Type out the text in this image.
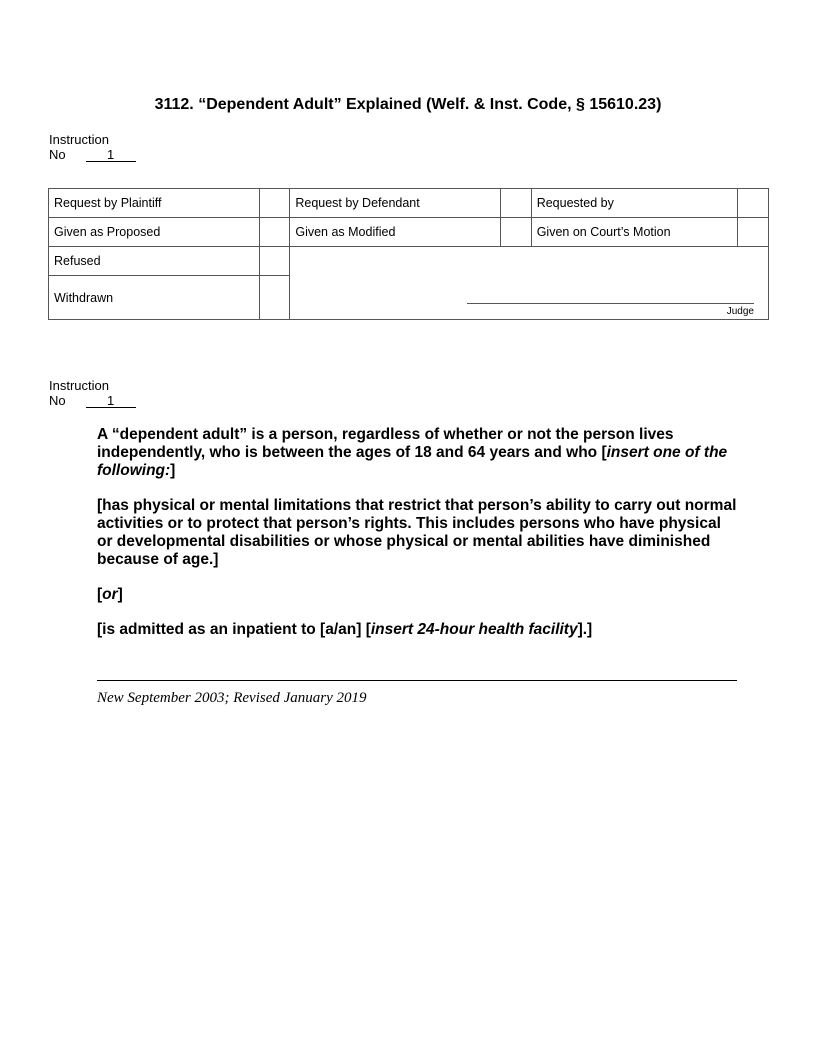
3112. “Dependent Adult” Explained (Welf. & Inst. Code, § 15610.23)
Instruction
No	1
Request by Plaintiff		Request by Defendant		Requested by	
Given as Proposed		Given as Modified		Given on Court’s Motion	
Refused		Judge			

Withdrawn					
Instruction
No	1

A “dependent adult” is a person, regardless of whether or not the person lives independently, who is between the ages of 18 and 64 years and who [insert one of the following:]

[has physical or mental limitations that restrict that person’s ability to carry out normal activities or to protect that person’s rights. This includes persons who have physical or developmental disabilities or whose physical or mental abilities have diminished because of age.]

[or]

[is admitted as an inpatient to [a/an] [insert 24-hour health facility].]

New September 2003; Revised January 2019
